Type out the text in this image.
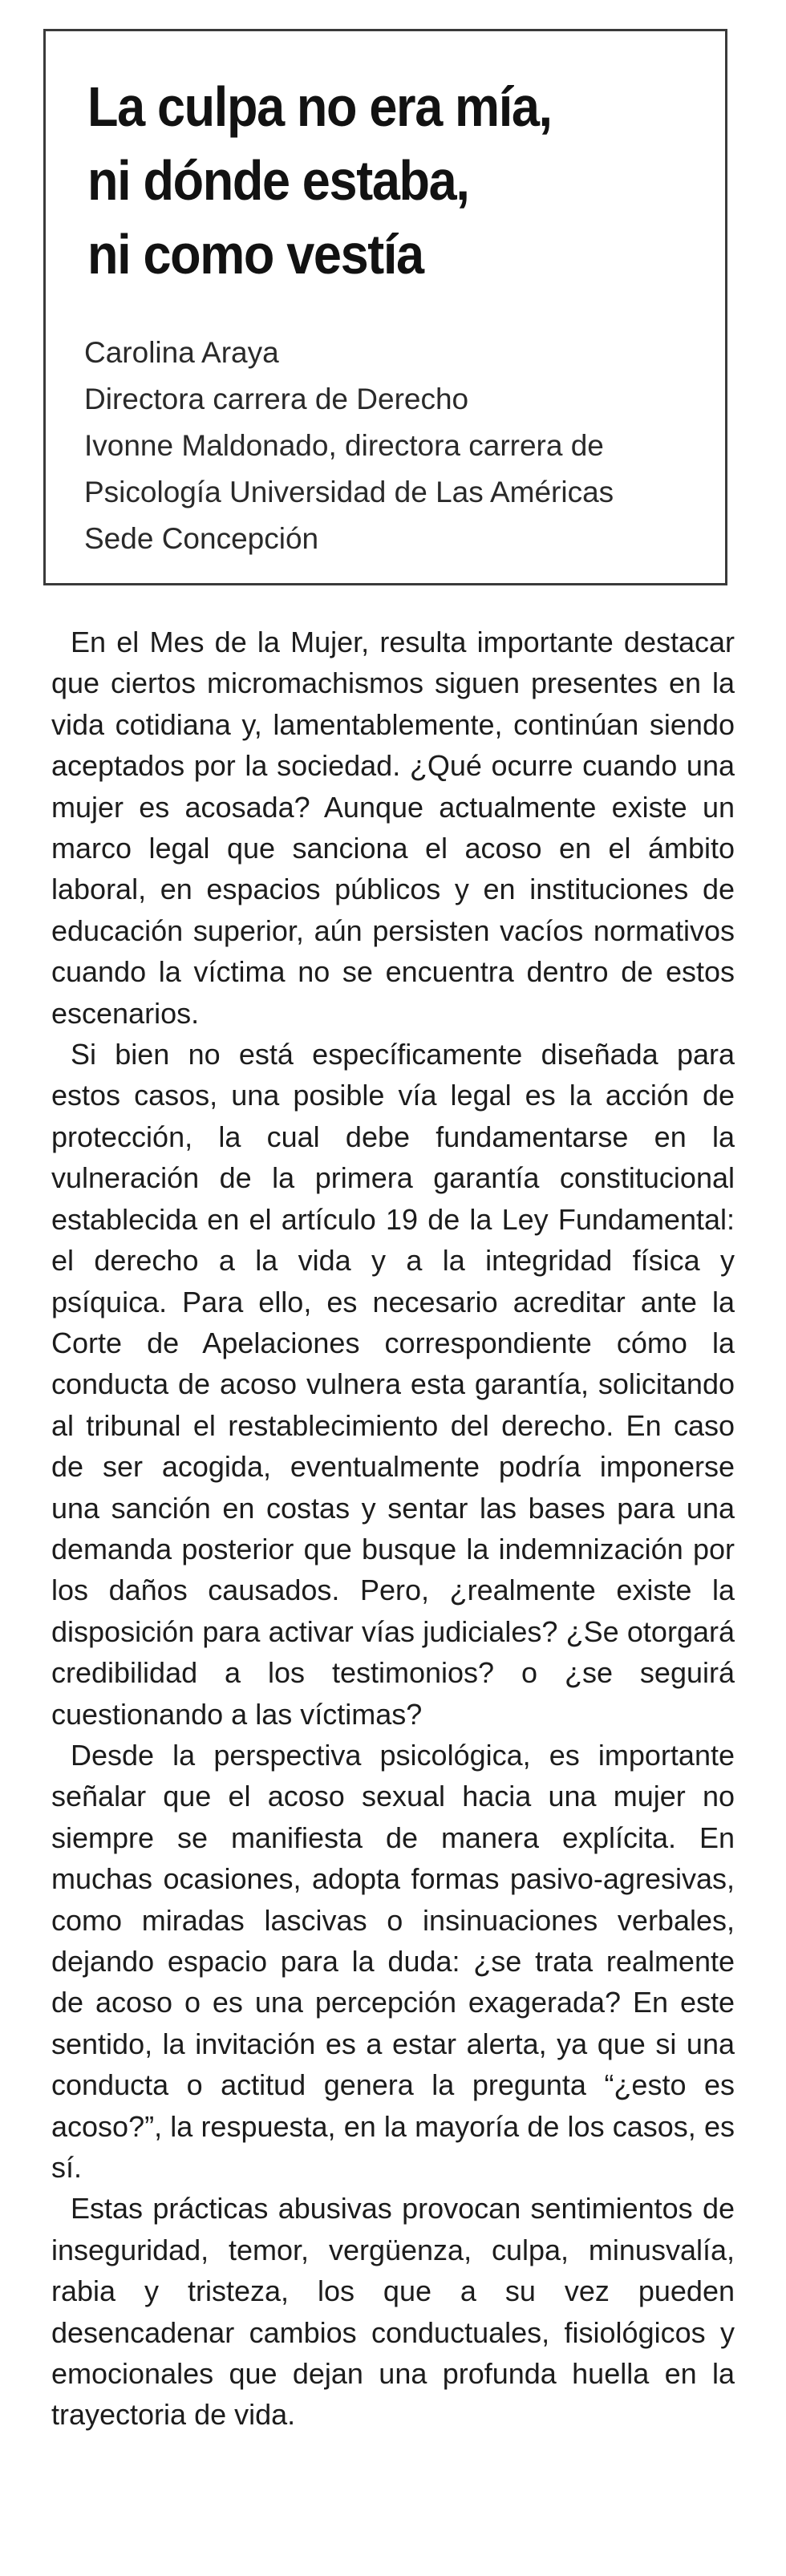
La culpa no era mía,
ni dónde estaba,
ni como vestía
Carolina Araya
Directora carrera de Derecho
Ivonne Maldonado, directora carrera de
Psicología Universidad de Las Américas
Sede Concepción

En el Mes de la Mujer, resulta importante destacar que ciertos micromachismos siguen presentes en la vida cotidiana y, lamentablemente, continúan siendo aceptados por la sociedad. ¿Qué ocurre cuando una mujer es acosada? Aunque actualmente existe un marco legal que sanciona el acoso en el ámbito laboral, en espacios públicos y en instituciones de educación superior, aún persisten vacíos normativos cuando la víctima no se encuentra dentro de estos escenarios.

Si bien no está específicamente diseñada para estos casos, una posible vía legal es la acción de protección, la cual debe fundamentarse en la vulneración de la primera garantía constitucional establecida en el artículo 19 de la Ley Fundamental: el derecho a la vida y a la integridad física y psíquica. Para ello, es necesario acreditar ante la Corte de Apelaciones correspondiente cómo la conducta de acoso vulnera esta garantía, solicitando al tribunal el restablecimiento del derecho. En caso de ser acogida, eventualmente podría imponerse una sanción en costas y sentar las bases para una demanda posterior que busque la indemnización por los daños causados. Pero, ¿realmente existe la disposición para activar vías judiciales? ¿Se otorgará credibilidad a los testimonios? o ¿se seguirá cuestionando a las víctimas?

Desde la perspectiva psicológica, es importante señalar que el acoso sexual hacia una mujer no siempre se manifiesta de manera explícita. En muchas ocasiones, adopta formas pasivo-agresivas, como miradas lascivas o insinuaciones verbales, dejando espacio para la duda: ¿se trata realmente de acoso o es una percepción exagerada? En este sentido, la invitación es a estar alerta, ya que si una conducta o actitud genera la pregunta “¿esto es acoso?”, la respuesta, en la mayoría de los casos, es sí.

Estas prácticas abusivas provocan sentimientos de inseguridad, temor, vergüenza, culpa, minusvalía, rabia y tristeza, los que a su vez pueden desencadenar cambios conductuales, fisiológicos y emocionales que dejan una profunda huella en la trayectoria de vida.
